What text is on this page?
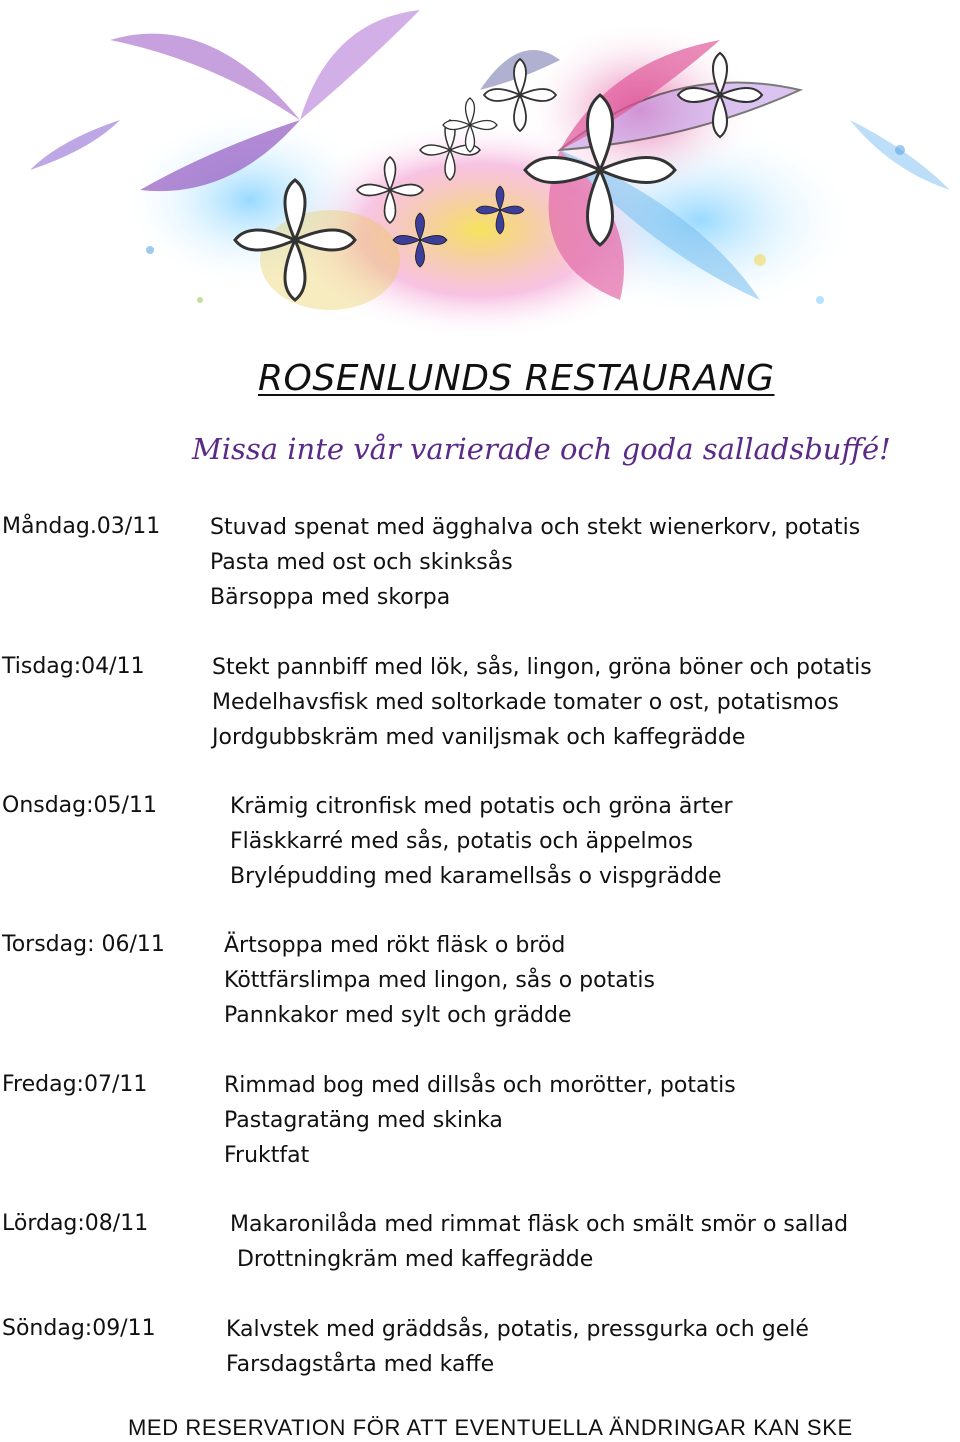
ROSENLUNDS RESTAURANG
Missa inte vår varierade och goda salladsbuffé!
Måndag.03/11 Stuvad spenat med ägghalva och stekt wienerkorv, potatis
Pasta med ost och skinksås
Bärsoppa med skorpa
Tisdag:04/11	Stekt pannbiff med lök, sås, lingon, gröna böner och potatis
Medelhavsfisk med soltorkade tomater o ost, potatismos
Jordgubbskräm med vaniljsmak och kaffegrädde
Onsdag:05/11	Krämig citronfisk med potatis och gröna ärter
Fläskkarré med sås, potatis och äppelmos
Brylépudding med karamellsås o vispgrädde
Torsdag: 06/11	Ärtsoppa med rökt fläsk o bröd
Köttfärslimpa med lingon, sås o potatis
Pannkakor med sylt och grädde
Fredag:07/11	Rimmad bog med dillsås och morötter, potatis
Pastagratäng med skinka
Fruktfat
Lördag:08/11	Makaronilåda med rimmat fläsk och smält smör o sallad
Drottningkräm med kaffegrädde
Söndag:09/11	Kalvstek med gräddsås, potatis, pressgurka och gelé
Farsdagstårta med kaffe
MED RESERVATION FÖR ATT EVENTUELLA ÄNDRINGAR KAN SKE
